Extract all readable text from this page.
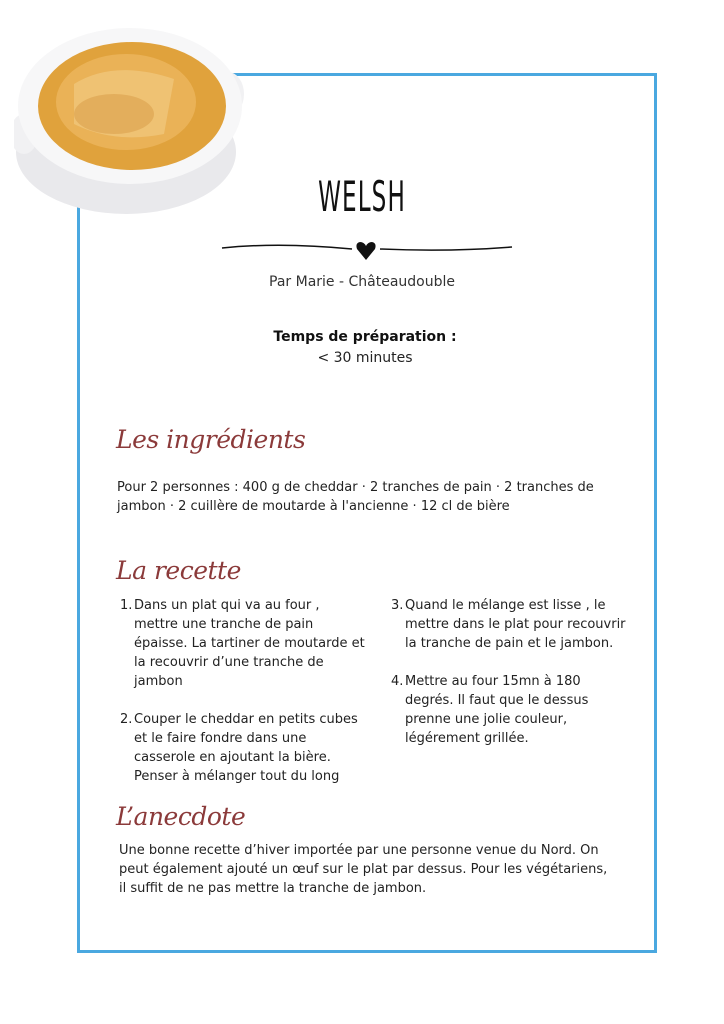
WELSH
Par Marie - Châteaudouble
Temps de préparation :
< 30 minutes
Les ingrédients
Pour 2 personnes : 400 g de cheddar · 2 tranches de pain · 2 tranches de jambon · 2 cuillère de moutarde à l'ancienne · 12 cl de bière
La recette
1. Dans un plat qui va au four , mettre une tranche de pain épaisse. La tartiner de moutarde et la recouvrir d’une tranche de jambon
2. Couper le cheddar en petits cubes et le faire fondre dans une casserole en ajoutant la bière. Penser à mélanger tout du long
3. Quand le mélange est lisse , le mettre dans le plat pour recouvrir la tranche de pain et le jambon.
4. Mettre au four 15mn à 180 degrés. Il faut que le dessus prenne une jolie couleur, légérement grillée.
L’anecdote
Une bonne recette d’hiver importée par une personne venue du Nord. On peut également ajouté un œuf sur le plat par dessus. Pour les végétariens, il suffit de ne pas mettre la tranche de jambon.
